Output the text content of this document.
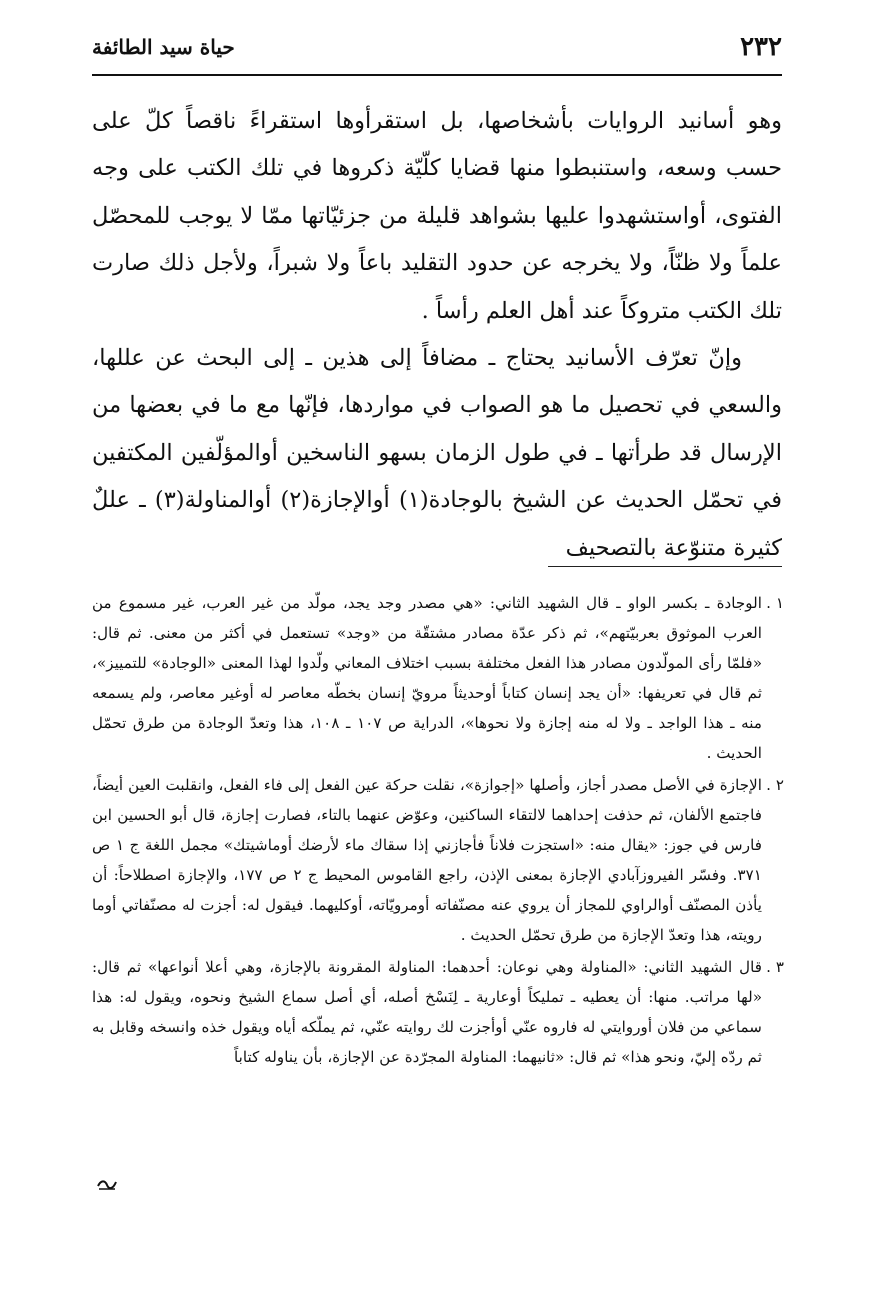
٢٣٢
حياة سيد الطائفة

وهو أسانيد الروايات بأشخاصها، بل استقرأوها استقراءً ناقصاً كلّ على حسب وسعه، واستنبطوا منها قضايا كلّيّة ذكروها في تلك الكتب على وجه الفتوى، أواستشهدوا عليها بشواهد قليلة من جزئيّاتها ممّا لا يوجب للمحصّل علماً ولا ظنّاً، ولا يخرجه عن حدود التقليد باعاً ولا شبراً، ولأجل ذلك صارت تلك الكتب متروكاً عند أهل العلم رأساً .

وإنّ تعرّف الأسانيد يحتاج ـ مضافاً إلى هذين ـ إلى البحث عن عللها، والسعي في تحصيل ما هو الصواب في مواردها، فإنّها مع ما في بعضها من الإرسال قد طرأتها ـ في طول الزمان بسهو الناسخين أوالمؤلّفين المكتفين في تحمّل الحديث عن الشيخ بالوجادة(١) أوالإجازة(٢) أوالمناولة(٣) ـ عللٌ كثيرة متنوّعة بالتصحيف

١ .
الوجادة ـ بكسر الواو ـ قال الشهيد الثاني: «هي مصدر وجد يجد، مولّد من غير العرب، غير مسموع من العرب الموثوق بعربيّتهم»، ثم ذكر عدّة مصادر مشتقّة من «وجد» تستعمل في أكثر من معنى. ثم قال: «فلمّا رأى المولّدون مصادر هذا الفعل مختلفة بسبب اختلاف المعاني ولّدوا لهذا المعنى «الوجادة» للتمييز»، ثم قال في تعريفها: «أن يجد إنسان كتاباً أوحديثاً مرويّ إنسان بخطّه معاصر له أوغير معاصر، ولم يسمعه منه ـ هذا الواجد ـ ولا له منه إجازة ولا نحوها»، الدراية ص ١٠٧ ـ ١٠٨، هذا وتعدّ الوجادة من طرق تحمّل الحديث .
٢ .
الإجازة في الأصل مصدر أجاز، وأصلها «إجوازة»، نقلت حركة عين الفعل إلى فاء الفعل، وانقلبت العين أيضاً، فاجتمع الألفان، ثم حذفت إحداهما لالتقاء الساكنين، وعوّض عنهما بالتاء، فصارت إجازة، قال أبو الحسين ابن فارس في جوز: «يقال منه: «استجزت فلاناً فأجازني إذا سقاك ماء لأرضك أوماشيتك» مجمل اللغة ج ١ ص ٣٧١. وفسّر الفيروزآبادي الإجازة بمعنى الإذن، راجع القاموس المحيط ج ٢ ص ١٧٧، والإجازة اصطلاحاً: أن يأذن المصنّف أوالراوي للمجاز أن يروي عنه مصنّفاته أومرويّاته، أوكليهما. فيقول له: أجزت له مصنّفاتي أوما رويته، هذا وتعدّ الإجازة من طرق تحمّل الحديث .
٣ .
قال الشهيد الثاني: «المناولة وهي نوعان: أحدهما: المناولة المقرونة بالإجازة، وهي أعلا أنواعها» ثم قال: «لها مراتب. منها: أن يعطيه ـ تمليكاً أوعارية ـ لِنَسْخ أصله، أي أصل سماع الشيخ ونحوه، ويقول له: هذا سماعي من فلان أوروايتي له فاروه عنّي أوأجزت لك روايته عنّي، ثم يملّكه أياه ويقول خذه وانسخه وقابل به ثم ردّه إليّ، ونحو هذا» ثم قال: «ثانيهما: المناولة المجرّدة عن الإجازة، بأن يناوله كتاباً
